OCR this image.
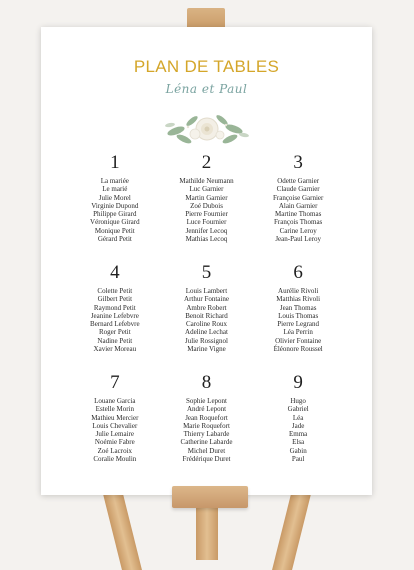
PLAN DE TABLES
Léna et Paul
1
La mariée
Le marié
Julie Morel
Virginie Dupond
Philippe Girard
Véronique Girard
Monique Petit
Gérard Petit
2
Mathilde Neumann
Luc Garnier
Martin Garnier
Zoé Dubois
Pierre Fournier
Luce Fournier
Jennifer Lecoq
Mathias Lecoq
3
Odette Garnier
Claude Garnier
Françoise Garnier
Alain Garnier
Martine Thomas
François Thomas
Carine Leroy
Jean-Paul Leroy
4
Colette Petit
Gilbert Petit
Raymond Petit
Jeanine Lefebvre
Bernard Lefebvre
Roger Petit
Nadine Petit
Xavier Moreau
5
Louis Lambert
Arthur Fontaine
Ambre Robert
Benoit Richard
Caroline Roux
Adeline Lechat
Julie Rossignol
Marine Vigne
6
Aurélie Rivoli
Matthias Rivoli
Jean Thomas
Louis Thomas
Pierre Legrand
Léa Perrin
Olivier Fontaine
Éléonore Roussel
7
Louane Garcia
Estelle Morin
Mathieu Mercier
Louis Chevalier
Julie Lemaire
Noémie Fabre
Zoé Lacroix
Coralie Moulin
8
Sophie Lepont
André Lepont
Jean Roquefort
Marie Roquefort
Thierry Labarde
Catherine Labarde
Michel Duret
Frédérique Duret
9
Hugo
Gabriel
Léa
Jade
Emma
Elsa
Gabin
Paul
